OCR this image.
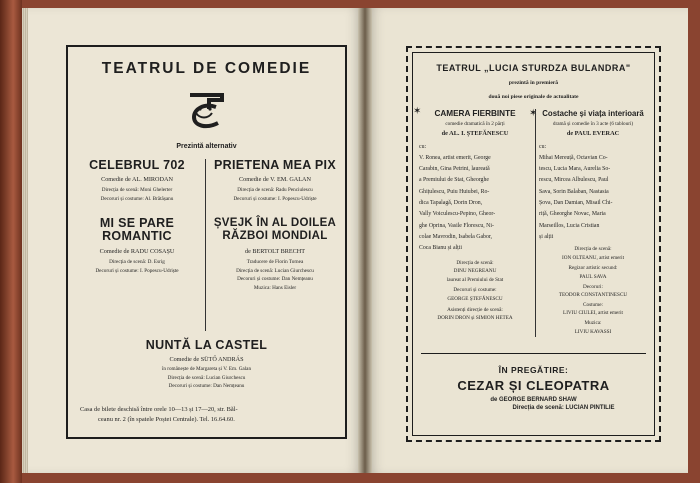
TEATRUL DE COMEDIE
TC
Prezintă alternativ
CELEBRUL 702
Comedie de AL. MIRODAN
Direcția de scenă: Moni Ghelerter
Decoruri și costume: Al. Brătășanu
PRIETENA MEA PIX
Comedie de V. EM. GALAN
Direcția de scenă: Radu Penciulescu
Decoruri și costume: I. Popescu-Udriște
MI SE PARE
ROMANTIC
Comedie de RADU COSAȘU
Direcția de scenă: D. Esrig
Decoruri și costume: I. Popescu-Udriște
ȘVEJK ÎN AL DOILEA
RĂZBOI MONDIAL
de BERTOLT BRECHT
Traducere de Florin Tornea
Direcția de scenă: Lucian Giurchescu
Decoruri și costume: Dan Nemțeanu
Muzica: Hans Eisler
NUNTĂ LA CASTEL
Comedie de SÜTŐ ANDRÁS
în românește de Margareta și V. Em. Galan
Direcția de scenă: Lucian Giurchescu
Decoruri și costume: Dan Nemțeanu
Casa de bilete deschisă între orele 10—13 și 17—20, str. Băl-
ceanu nr. 2 (în spatele Poștei Centrale). Tel. 16.64.60.
TEATRUL „LUCIA STURDZA BULANDRA"
prezintă în premieră
două noi piese originale de actualitate
✶	CAMERA FIERBINTE
comedie dramatică în 2 părți
de AL. I. ȘTEFĂNESCU
cu:
V. Ronea, artist emerit, George
Carabin, Gina Petrini, laureată
a Premiului de Stat, Gheorghe
Ghițulescu, Puiu Huiubei, Ro-
dica Tapalagă, Dorin Dron,
Vally Voiculescu-Pepino, Gheor-
ghe Oprina, Vasile Florescu, Ni-
colae Mavrodin, Isabela Gabor,
Coca Bianu și alții
Direcția de scenă:
DINU NEGREANU
laureat al Premiului de Stat
Decoruri și costume:
GEORGE ȘTEFĂNESCU
Asistenți direcție de scenă:
DORIN DRON și SIMION HETEA
✶ Costache și viața interioară
dramă și comedie în 3 acte (6 tablouri)
de PAUL EVERAC
cu:
Mihai Mereuță, Octavian Co-
tescu, Lucia Mara, Aurelia So-
rescu, Mircea Albulescu, Paul
Sava, Sorin Balaban, Nastasia
Șova, Dan Damian, Misail Chi-
riță, Gheorghe Novac, Maria
Marseillos, Lucia Cristian
și alții
Direcția de scenă:
ION OLTEANU, artist emerit
Regizor artistic secund:
PAUL SAVA
Decoruri:
TEODOR CONSTANTINESCU
Costume:
LIVIU CIULEI, artist emerit
Muzica:
LIVIU KAVASSI
ÎN PREGĂTIRE:
CEZAR ȘI CLEOPATRA
de GEORGE BERNARD SHAW
Direcția de scenă: LUCIAN PINTILIE
